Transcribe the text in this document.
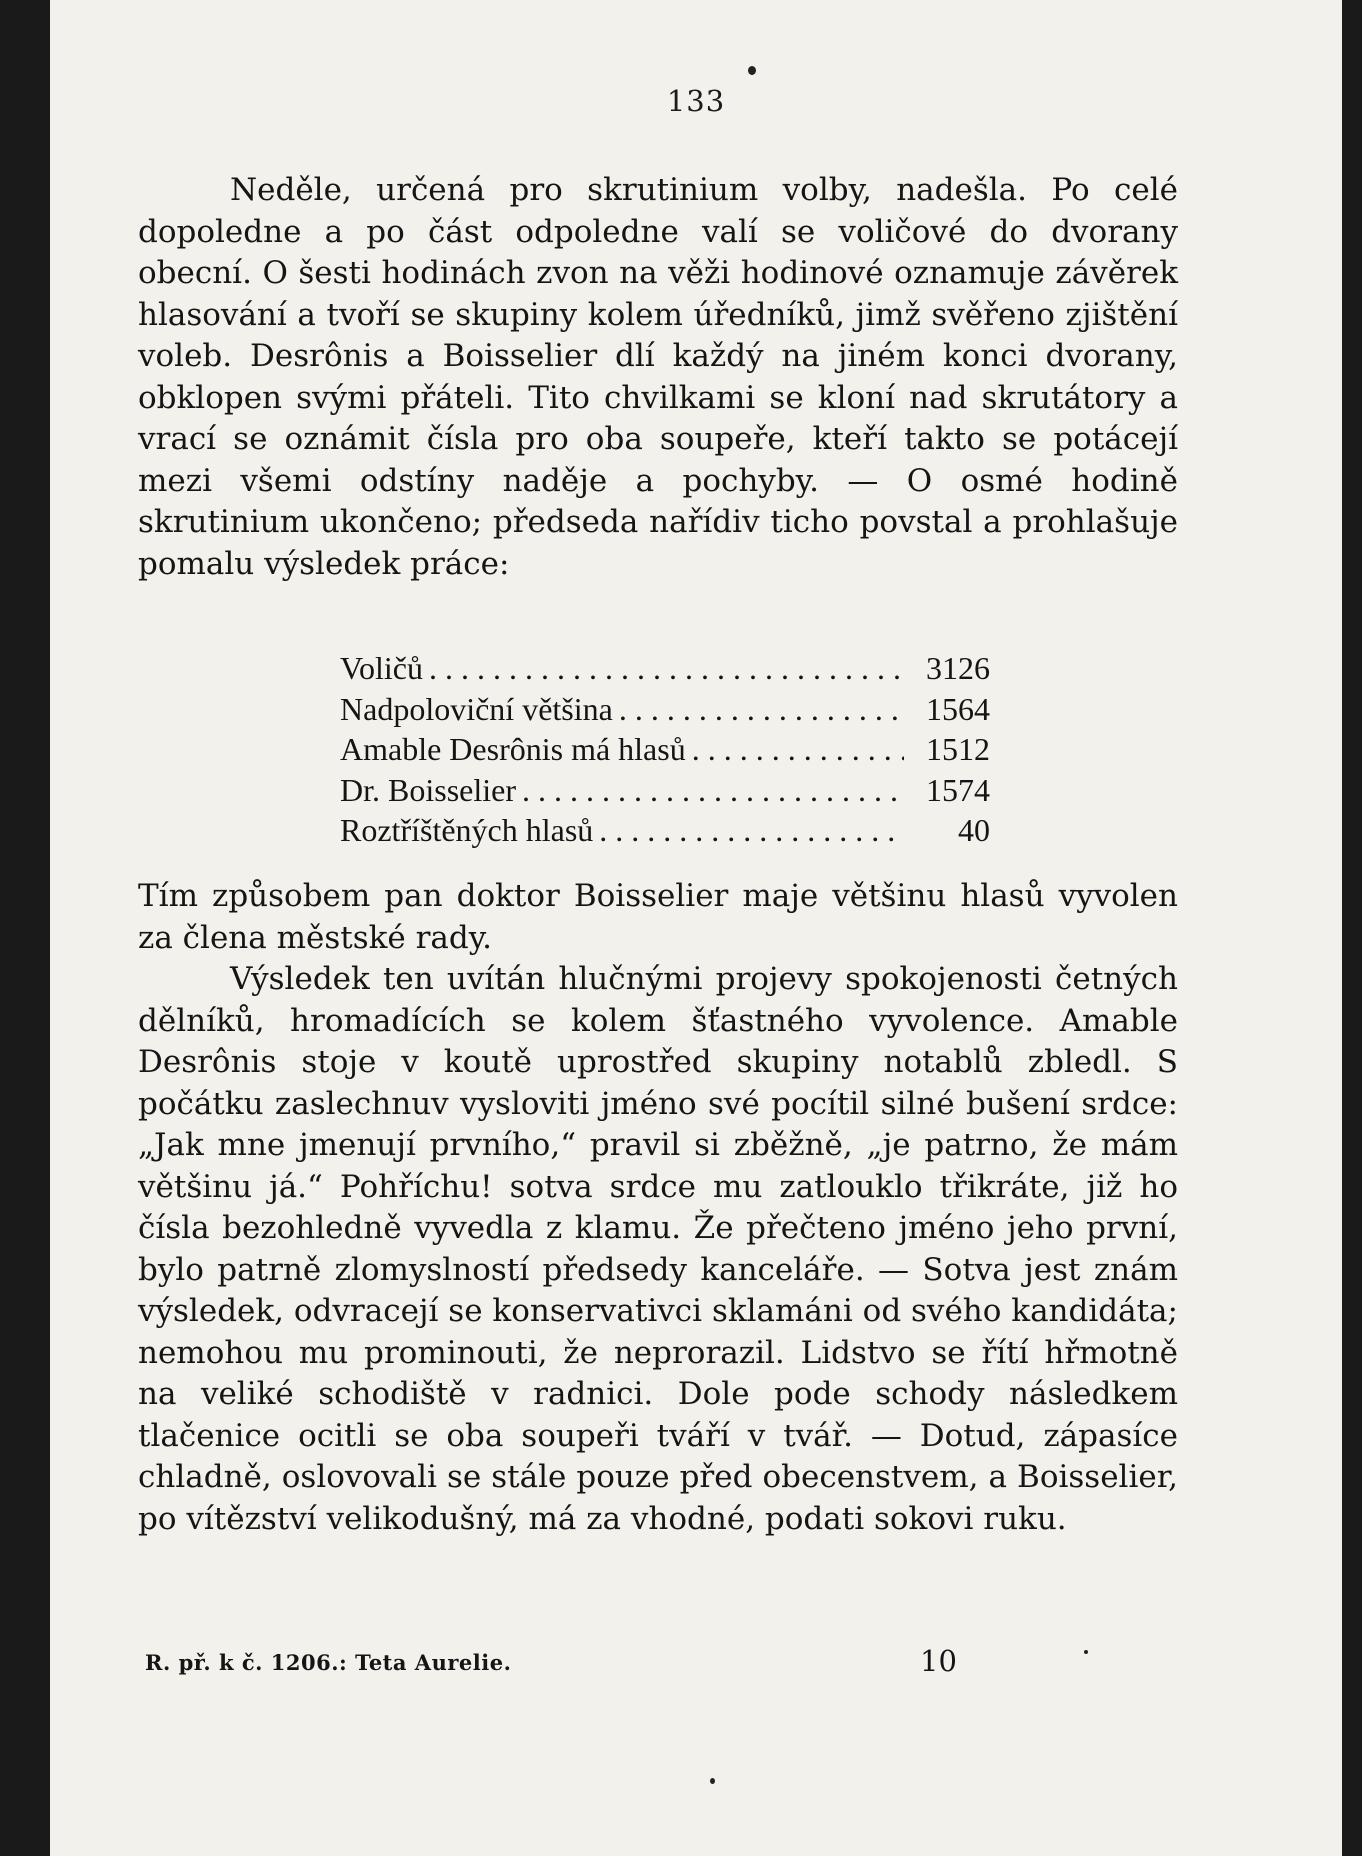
133

Neděle, určená pro skrutinium volby, nadešla. Po celé dopoledne a po část odpoledne valí se voličové do dvorany obecní. O šesti hodinách zvon na věži hodinové oznamuje závěrek hlasování a tvoří se skupiny kolem úředníků, jimž svěřeno zjištění voleb. Desrônis a Boisselier dlí každý na jiném konci dvorany, obklopen svými přáteli. Tito chvilkami se kloní nad skrutátory a vrací se oznámit čísla pro oba soupeře, kteří takto se potácejí mezi všemi odstíny naděje a pochyby. — O osmé hodině skrutinium ukončeno; předseda nařídiv ticho povstal a prohlašuje pomalu výsledek práce:

Voličů . . .	3126
Nadpoloviční většina . . .	1564
Amable Desrônis má hlasů . . .	1512
Dr. Boisselier . . .	1574
Roztříštěných hlasů . . .	40

Tím způsobem pan doktor Boisselier maje většinu hlasů vyvolen za člena městské rady.

Výsledek ten uvítán hlučnými projevy spokojenosti četných dělníků, hromadících se kolem šťastného vyvolence. Amable Desrônis stoje v koutě uprostřed skupiny notablů zbledl. S počátku zaslechnuv vysloviti jméno své pocítil silné bušení srdce: „Jak mne jmenují prvního,“ pravil si zběžně, „je patrno, že mám většinu já.“ Pohříchu! sotva srdce mu zatlouklo třikráte, již ho čísla bezohledně vyvedla z klamu. Že přečteno jméno jeho první, bylo patrně zlomyslností předsedy kanceláře. — Sotva jest znám výsledek, odvracejí se konservativci sklamáni od svého kandidáta; nemohou mu prominouti, že neprorazil. Lidstvo se řítí hřmotně na veliké schodiště v radnici. Dole pode schody následkem tlačenice ocitli se oba soupeři tváří v tvář. — Dotud, zápasíce chladně, oslovovali se stále pouze před obecenstvem, a Boisselier, po vítězství velikodušný, má za vhodné, podati sokovi ruku.

R. př. k č. 1206.: Teta Aurelie.	10
